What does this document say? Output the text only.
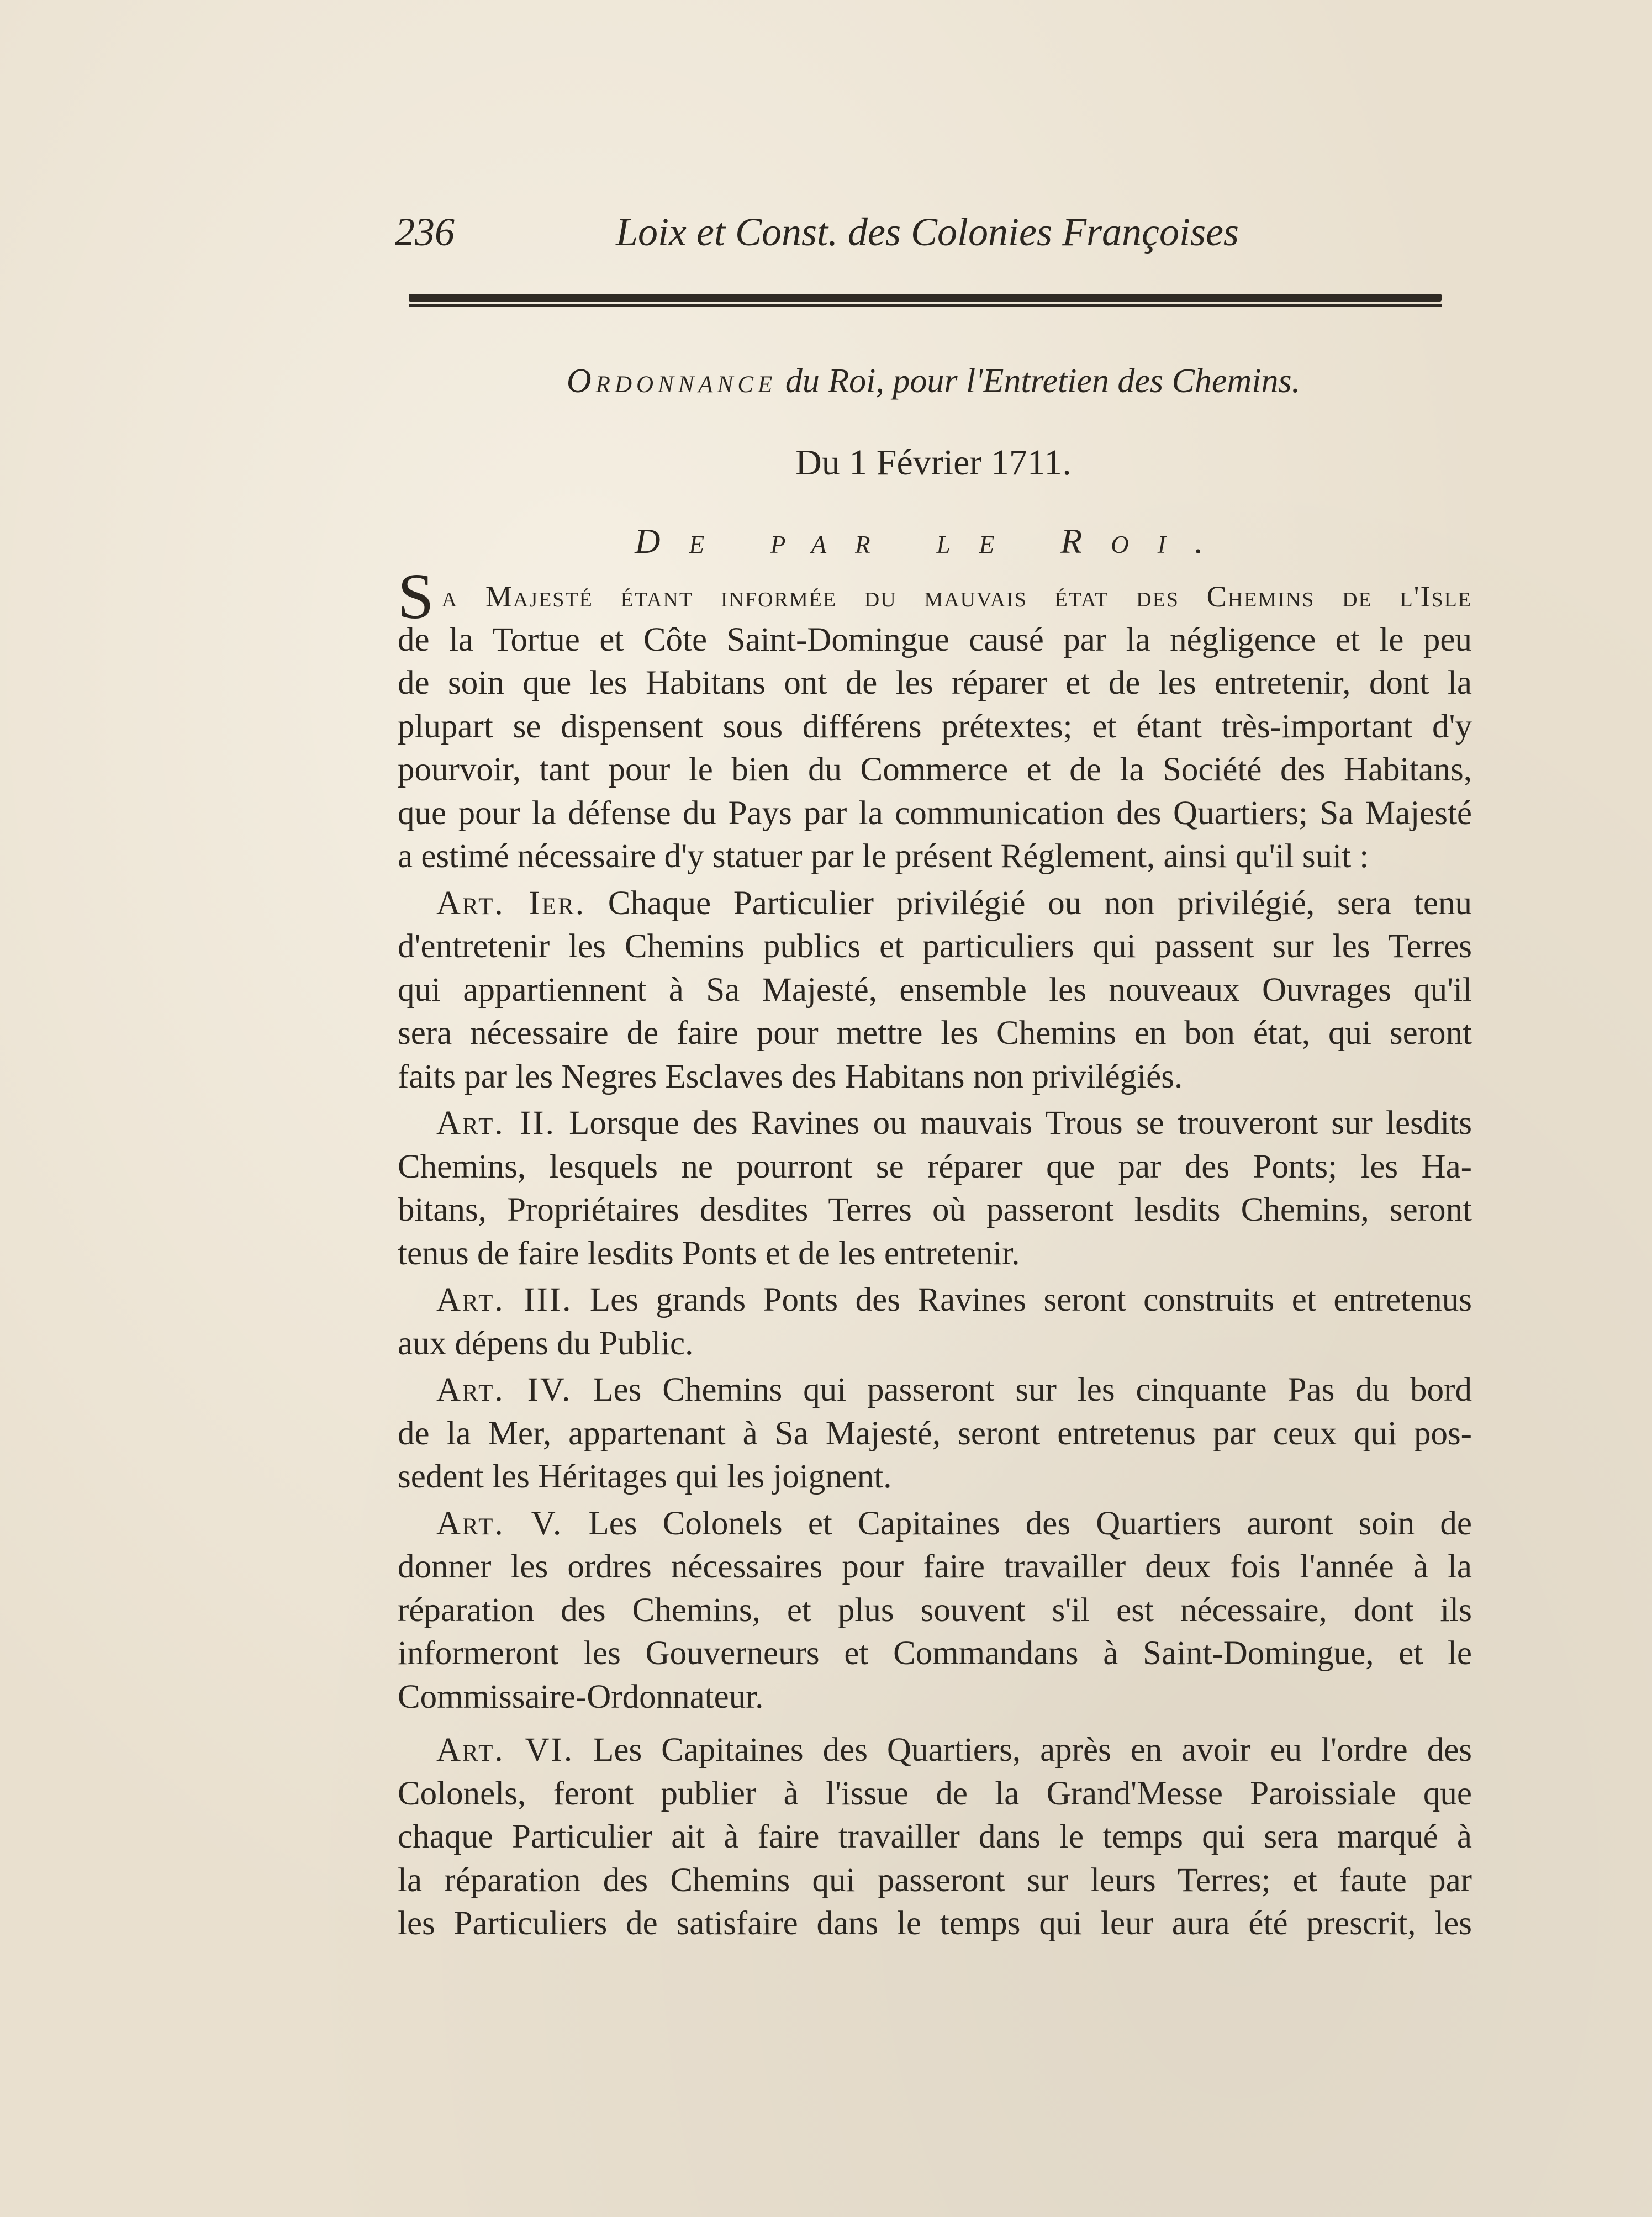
236	Loix et Const. des Colonies Françoises
Ordonnance du Roi, pour l'Entretien des Chemins.
Du 1 Février 1711.
De par le Roi.

Sa Majesté étant informée du mauvais état des Chemins de l'Isle
de la Tortue et Côte Saint-Domingue causé par la négligence et le peu
de soin que les Habitans ont de les réparer et de les entretenir, dont la
plupart se dispensent sous différens prétextes; et étant très-important d'y
pourvoir, tant pour le bien du Commerce et de la Société des Habitans,
que pour la défense du Pays par la communication des Quartiers; Sa Majesté
a estimé nécessaire d'y statuer par le présent Réglement, ainsi qu'il suit :

Art. Ier. Chaque Particulier privilégié ou non privilégié, sera tenu
d'entretenir les Chemins publics et particuliers qui passent sur les Terres
qui appartiennent à Sa Majesté, ensemble les nouveaux Ouvrages qu'il
sera nécessaire de faire pour mettre les Chemins en bon état, qui seront
faits par les Negres Esclaves des Habitans non privilégiés.

Art. II. Lorsque des Ravines ou mauvais Trous se trouveront sur lesdits
Chemins, lesquels ne pourront se réparer que par des Ponts; les Ha-
bitans, Propriétaires desdites Terres où passeront lesdits Chemins, seront
tenus de faire lesdits Ponts et de les entretenir.

Art. III. Les grands Ponts des Ravines seront construits et entretenus
aux dépens du Public.

Art. IV. Les Chemins qui passeront sur les cinquante Pas du bord
de la Mer, appartenant à Sa Majesté, seront entretenus par ceux qui pos-
sedent les Héritages qui les joignent.

Art. V. Les Colonels et Capitaines des Quartiers auront soin de
donner les ordres nécessaires pour faire travailler deux fois l'année à la
réparation des Chemins, et plus souvent s'il est nécessaire, dont ils
informeront les Gouverneurs et Commandans à Saint-Domingue, et le
Commissaire-Ordonnateur.

Art. VI. Les Capitaines des Quartiers, après en avoir eu l'ordre des
Colonels, feront publier à l'issue de la Grand'Messe Paroissiale que
chaque Particulier ait à faire travailler dans le temps qui sera marqué à
la réparation des Chemins qui passeront sur leurs Terres; et faute par
les Particuliers de satisfaire dans le temps qui leur aura été prescrit, les
